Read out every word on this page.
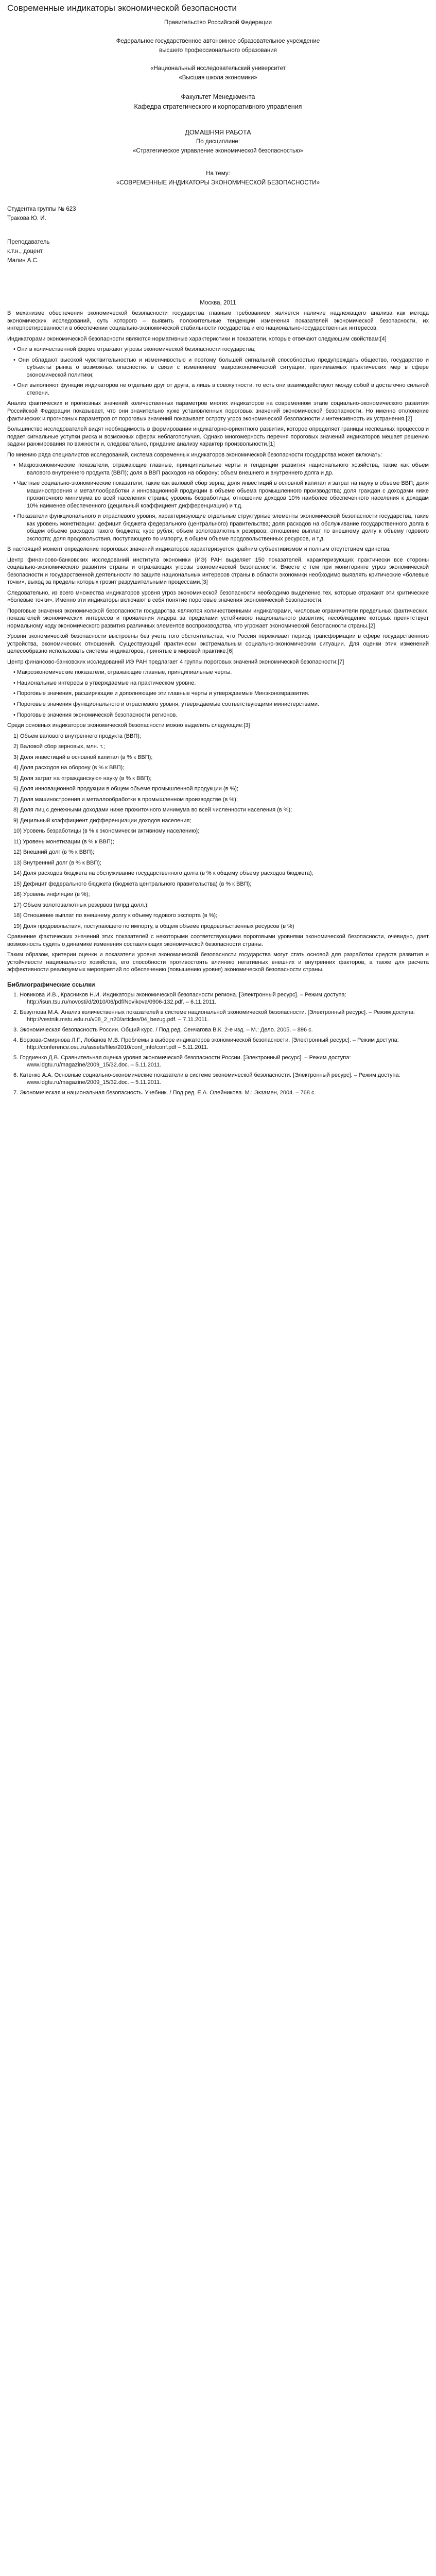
Современные индикаторы экономической безопасности
Правительство Российской Федерации
Федеральное государственное автономное образовательное учреждение
высшего профессионального образования
«Национальный исследовательский университет
«Высшая школа экономики»
Факультет Менеджмента
Кафедра стратегического и корпоративного управления
ДОМАШНЯЯ РАБОТА
По дисциплине:
«Стратегическое управление экономической безопасностью»
На тему:
«СОВРЕМЕННЫЕ ИНДИКАТОРЫ ЭКОНОМИЧЕСКОЙ БЕЗОПАСНОСТИ»
Студентка группы № 623
Тракова Ю. И.
Преподаватель
к.т.н., доцент
Малин А.С.
Москва, 2011

В механизме обеспечения экономической безопасности государства главным требованием является наличие надлежащего анализа как метода экономических исследований, суть которого – выявить положительные тенденции изменения показателей экономической безопасности, их интерпретированности в обеспечении социально-экономической стабильности государства и его национально-государственных интересов.

Индикаторами экономической безопасности являются нормативные характеристики и показатели, которые отвечают следующим свойствам:[4]

• Они в количественной форме отражают угрозы экономической безопасности государства;

• Они обладают высокой чувствительностью и изменчивостью и поэтому большей сигнальной способностью предупреждать общество, государство и субъекты рынка о возможных опасностях в связи с изменением макроэкономической ситуации, принимаемых практических мер в сфере экономической политики;

• Они выполняют функции индикаторов не отдельно друг от друга, а лишь в совокупности, то есть они взаимодействуют между собой в достаточно сильной степени.

Анализ фактических и прогнозных значений количественных параметров многих индикаторов на современном этапе социально-экономического развития Российской Федерации показывает, что они значительно хуже установленных пороговых значений экономической безопасности. Но именно отклонение фактических и прогнозных параметров от пороговых значений показывает остроту угроз экономической безопасности и интенсивность их устранения.[2]

Большинство исследователей видят необходимость в формировании индикаторно-ориентного развития, которое определяет границы неспешных процессов и подает сигнальные уступки риска и возможных сферах неблагополучия. Однако многомерность перечня пороговых значений индикаторов мешает решению задачи ранжирования по важности и, следовательно, придание анализу характер произвольности.[1]

По мнению ряда специалистов исследований, система современных индикаторов экономической безопасности государства может включать:

• Макроэкономические показатели, отражающие главные, принципиальные черты и тенденции развития национального хозяйства, такие как объем валового внутреннего продукта (ВВП); доля в ВВП расходов на оборону; объем внешнего и внутреннего долга и др.

• Частные социально-экономические показатели, такие как валовой сбор зерна; доля инвестиций в основной капитал и затрат на науку в объеме ВВП; доля машиностроения и металлообработки и инновационной продукции в объеме обьема промышленного производства; доля граждан с доходами ниже прожиточного минимума во всей населения страны; уровень безработицы; отношение доходов 10% наиболее обеспеченного населения к доходам 10% наименее обеспеченного (децильный коэффициент дифференциации) и т.д.

• Показатели функционального и отраслевого уровня, характеризующие отдельные структурные элементы экономической безопасности государства, такие как уровень монетизации; дефицит бюджета федерального (центрального) правительства; доля расходов на обслуживание государственного долга в общем объеме расходов такого бюджета; курс рубля; объем золотовалютных резервов; отношение выплат по внешнему долгу к объему годового экспорта; доля продовольствия, поступающего по импорту, в общем объеме продовольственных ресурсов, и т.д.

В настоящий момент определение пороговых значений индикаторов характеризуется крайним субъективизмом и полным отсутствием единства.

Центр финансово-банковских исследований института экономики (ИЭ) РАН выделяет 150 показателей, характеризующих практически все стороны социально-экономического развития страны и отражающих угрозы экономической безопасности. Вместе с тем при мониторинге угроз экономической безопасности и государственной деятельности по защите национальных интересов страны в области экономики необходимо выявлять критические «болевые точки», выход за пределы которых грозит разрушительными процессами.[3]

Следовательно, из всего множества индикаторов уровня угроз экономической безопасности необходимо выделение тех, которые отражают эти критические «болевые точки». Именно эти индикаторы включают в себя понятие пороговые значения экономической безопасности.

Пороговые значения экономической безопасности государства являются количественными индикаторами, числовые ограничители предельных фактических, показателей экономических интересов и проявления лидера за пределами устойчивого национального развития; несоблюдение которых препятствует нормальному ходу экономического развития различных элементов воспроизводства, что угрожает экономической безопасности страны.[2]

Уровни экономической безопасности выстроены без учета того обстоятельства, что Россия переживает период трансформации в сфере государственного устройства, экономических отношений. Существующий практически экстремальным социально-экономическим ситуации. Для оценки этих изменений целесообразно использовать системы индикаторов, принятые в мировой практике.[6]

Центр финансово-банковских исследований ИЭ РАН предлагает 4 группы пороговых значений экономической безопасности:[7]

• Макроэкономические показатели, отражающие главные, принципиальные черты.

• Национальные интересы в утверждаемые на практическом уровне.

• Пороговые значения, расширяющие и дополняющие эти главные черты и утверждаемые Минэкономразвития.

• Пороговые значения функционального и отраслевого уровня, утверждаемые соответствующими министерствами.

• Пороговые значения экономической безопасности регионов.

Среди основных индикаторов экономической безопасности можно выделить следующие:[3]

1) Объем валового внутреннего продукта (ВВП);

2) Валовой сбор зерновых, млн. т.;

3) Доля инвестиций в основной капитал (в % к ВВП);

4) Доля расходов на оборону (в % к ВВП);

5) Доля затрат на «гражданскую» науку (в % к ВВП);

6) Доля инновационной продукции в общем объеме промышленной продукции (в %);

7) Доля машиностроения и металлообработки в промышленном производстве (в %);

8) Доля лиц с денежными доходами ниже прожиточного минимума во всей численности населения (в %);

9) Децильный коэффициент дифференциации доходов населения;

10) Уровень безработицы (в % к экономически активному населению);

11) Уровень монетизации (в % к ВВП);

12) Внешний долг (в % к ВВП);

13) Внутренний долг (в % к ВВП);

14) Доля расходов бюджета на обслуживание государственного долга (в % к общему объему расходов бюджета);

15) Дефицит федерального бюджета (бюджета центрального правительства) (в % к ВВП);

16) Уровень инфляции (в %);

17) Объем золотовалютных резервов (млрд.долл.);

18) Отношение выплат по внешнему долгу к объему годового экспорта (в %);

19) Доля продовольствия, поступающего по импорту, в общем объеме продовольственных ресурсов (в %)

Сравнение фактических значений этих показателей с некоторыми соответствующими пороговыми уровнями экономической безопасности, очевидно, дает возможность судить о динамике изменения составляющих экономической безопасности страны.

Таким образом, критерии оценки и показатели уровня экономической безопасности государства могут стать основой для разработки средств развития и устойчивости национального хозяйства, его способности противостоять влиянию негативных внешних и внутренних факторов, а также для расчета эффективности реализуемых мероприятий по обеспечению (повышению уровня) экономической безопасности страны.

Библиографические ссылки

1. Новикова И.В., Красников Н.И. Индикаторы экономической безопасности региона. [Электронный ресурс]. – Режим доступа: http://isun.tsu.ru/novosti/d/2010/06/pdf/Novikova/0906-132.pdf. – 6.11.2011.

2. Безуглова М.А. Анализ количественных показателей в системе национальной экономической безопасности. [Электронный ресурс]. – Режим доступа: http://vestnik.mstu.edu.ru/v08_2_n20/articles/04_bezug.pdf. – 7.11.2011.

3. Экономическая безопасность России. Общий курс. / Под ред. Сенчагова В.К. 2-е изд. – М.: Дело. 2005. – 896 с.

4. Борзова-Смирнова Л.Г., Лобанов М.В. Проблемы в выборе индикаторов экономической безопасности. [Электронный ресурс]. – Режим доступа: http://conference.osu.ru/assets/files/2010/conf_info/conf.pdf – 5.11.2011.

5. Гордиенко Д.В. Сравнительная оценка уровня экономической безопасности России. [Электронный ресурс]. – Режим доступа: www.ldgtu.ru/magazine/2009_15/32.doc. – 5.11.2011.

6. Катенко А.А. Основные социально-экономические показатели в системе экономической безопасности. [Электронный ресурс]. – Режим доступа: www.ldgtu.ru/magazine/2009_15/32.doc. – 5.11.2011.

7. Экономическая и национальная безопасность. Учебник. / Под ред. Е.А. Олейникова. М.: Экзамен, 2004. – 768 с.
